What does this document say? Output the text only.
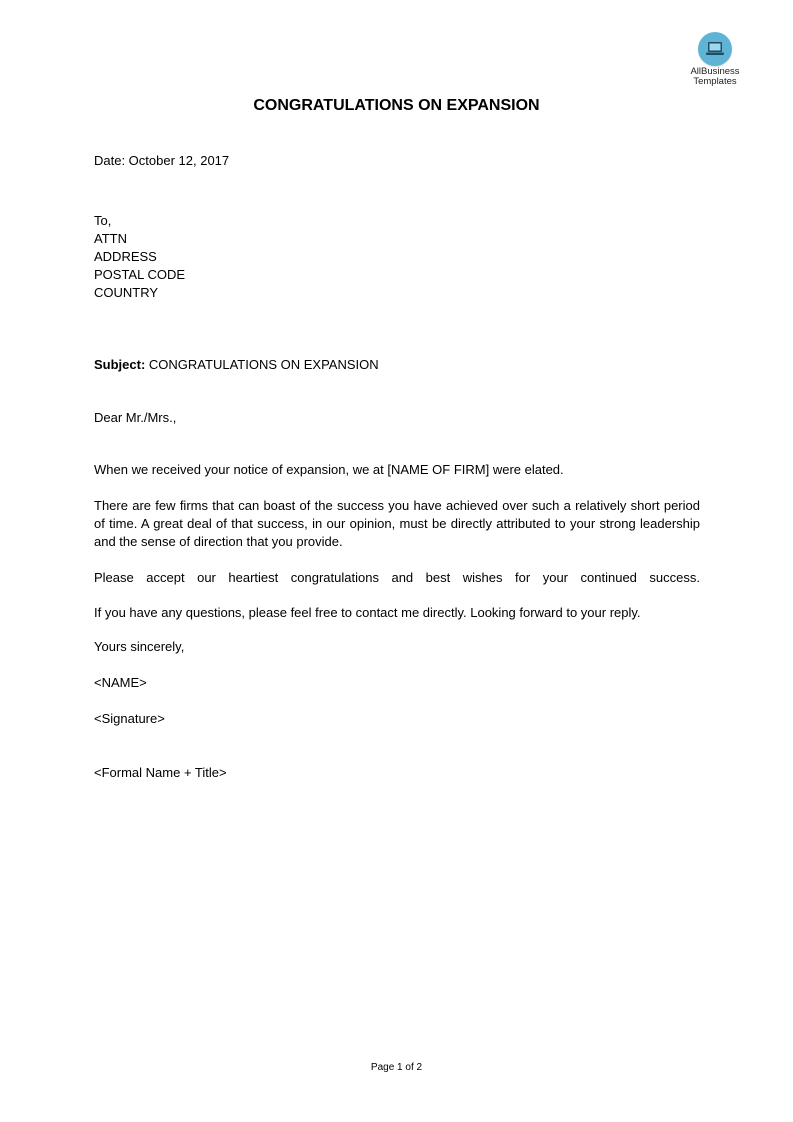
AllBusiness
Templates
CONGRATULATIONS ON EXPANSION
Date: October 12, 2017
To,
ATTN
ADDRESS
POSTAL CODE
COUNTRY
Subject: CONGRATULATIONS ON EXPANSION
Dear Mr./Mrs.,
When we received your notice of expansion, we at [NAME OF FIRM] were elated.
There are few firms that can boast of the success you have achieved over such a relatively short period of time. A great deal of that success, in our opinion, must be directly attributed to your strong leadership and the sense of direction that you provide.
Please accept our heartiest congratulations and best wishes for your continued success.
If you have any questions, please feel free to contact me directly. Looking forward to your reply.
Yours sincerely,
<NAME>
<Signature>
<Formal Name + Title>
Page 1 of 2
